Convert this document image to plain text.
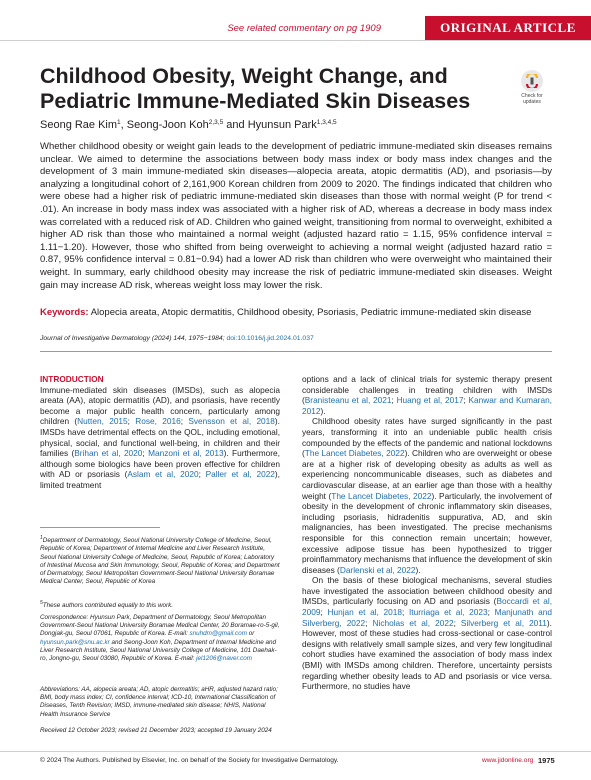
See related commentary on pg 1909	ORIGINAL ARTICLE
Childhood Obesity, Weight Change, and Pediatric Immune-Mediated Skin Diseases	Check for
updates
Seong Rae Kim$^1$, Seong-Joon Koh$^{2,3,5}$ and Hyunsun Park$^{1,3,4,5}$

Whether childhood obesity or weight gain leads to the development of pediatric immune-mediated skin diseases remains unclear. We aimed to determine the associations between body mass index or body mass index changes and the development of 3 main immune-mediated skin diseases—alopecia areata, atopic dermatitis (AD), and psoriasis—by analyzing a longitudinal cohort of 2,161,900 Korean children from 2009 to 2020. The findings indicated that children who were obese had a higher risk of pediatric immune-mediated skin diseases than those with normal weight (P for trend < .01). An increase in body mass index was associated with a higher risk of AD, whereas a decrease in body mass index was correlated with a reduced risk of AD. Children who gained weight, transitioning from normal to overweight, exhibited a higher AD risk than those who maintained a normal weight (adjusted hazard ratio = 1.15, 95% confidence interval = 1.11−1.20). However, those who shifted from being overweight to achieving a normal weight (adjusted hazard ratio = 0.87, 95% confidence interval = 0.81−0.94) had a lower AD risk than children who were overweight who maintained their weight. In summary, early childhood obesity may increase the risk of pediatric immune-mediated skin diseases. Weight gain may increase AD risk, whereas weight loss may lower the risk.

Keywords: Alopecia areata, Atopic dermatitis, Childhood obesity, Psoriasis, Pediatric immune-mediated skin disease
Journal of Investigative Dermatology (2024) 144, 1975−1984; doi:10.1016/j.jid.2024.01.037
INTRODUCTION

Immune-mediated skin diseases (IMSDs), such as alopecia areata (AA), atopic dermatitis (AD), and psoriasis, have recently become a major public health concern, particularly among children (Nutten, 2015; Rose, 2016; Svensson et al, 2018). IMSDs have detrimental effects on the QOL, including emotional, physical, social, and functional well-being, in children and their families (Brihan et al, 2020; Manzoni et al, 2013). Furthermore, although some biologics have been proven effective for children with AD or psoriasis (Aslam et al, 2020; Paller et al, 2022), limited treatment

$^1$Department of Dermatology, Seoul National University College of Medicine, Seoul, Republic of Korea; Department of Internal Medicine and Liver Research Institute, Seoul National University College of Medicine, Seoul, Republic of Korea; Laboratory of Intestinal Mucosa and Skin Immunology, Seoul, Republic of Korea; and Department of Dermatology, Seoul Metropolitan Government-Seoul National University Boramae Medical Center, Seoul, Republic of Korea
$^5$These authors contributed equally to this work.
Correspondence: Hyunsun Park, Department of Dermatology, Seoul Metropolitan Government-Seoul National University Boramae Medical Center, 20 Boramae-ro-5-gil, Dongjak-gu, Seoul 07061, Republic of Korea. E-mail: snuhdm@gmail.com or hyunsun.park@snu.ac.kr and Seong-Joon Koh, Department of Internal Medicine and Liver Research Institute, Seoul National University College of Medicine, 101 Daehak-ro, Jongno-gu, Seoul 03080, Republic of Korea. E-mail: jel1206@naver.com
Abbreviations: AA, alopecia areata; AD, atopic dermatitis; aHR, adjusted hazard ratio; BMI, body mass index; CI, confidence interval; ICD-10, International Classification of Diseases, Tenth Revision; IMSD, immune-mediated skin disease; NHIS, National Health Insurance Service
Received 12 October 2023; revised 21 December 2023; accepted 19 January 2024

options and a lack of clinical trials for systemic therapy present considerable challenges in treating children with IMSDs (Branisteanu et al, 2021; Huang et al, 2017; Kanwar and Kumaran, 2012).

Childhood obesity rates have surged significantly in the past years, transforming it into an undeniable public health crisis compounded by the effects of the pandemic and national lockdowns (The Lancet Diabetes, 2022). Children who are overweight or obese are at a higher risk of developing obesity as adults as well as experiencing noncommunicable diseases, such as diabetes and cardiovascular disease, at an earlier age than those with a healthy weight (The Lancet Diabetes, 2022). Particularly, the involvement of obesity in the development of chronic inflammatory skin diseases, including psoriasis, hidradenitis suppurativa, AD, and skin malignancies, has been investigated. The precise mechanisms responsible for this connection remain uncertain; however, excessive adipose tissue has been hypothesized to trigger proinflammatory mechanisms that influence the development of skin diseases (Darlenski et al, 2022).

On the basis of these biological mechanisms, several studies have investigated the association between childhood obesity and IMSDs, particularly focusing on AD and psoriasis (Boccardi et al, 2009; Hunjan et al, 2018; Iturriaga et al, 2023; Manjunath and Silverberg, 2022; Nicholas et al, 2022; Silverberg et al, 2011). However, most of these studies had cross-sectional or case-control designs with relatively small sample sizes, and very few longitudinal cohort studies have examined the association of body mass index (BMI) with IMSDs among children. Therefore, uncertainty persists regarding whether obesity leads to AD and psoriasis or vice versa. Furthermore, no studies have

© 2024 The Authors. Published by Elsevier, Inc. on behalf of the Society for Investigative Dermatology.	www.jidonline.org 1975
